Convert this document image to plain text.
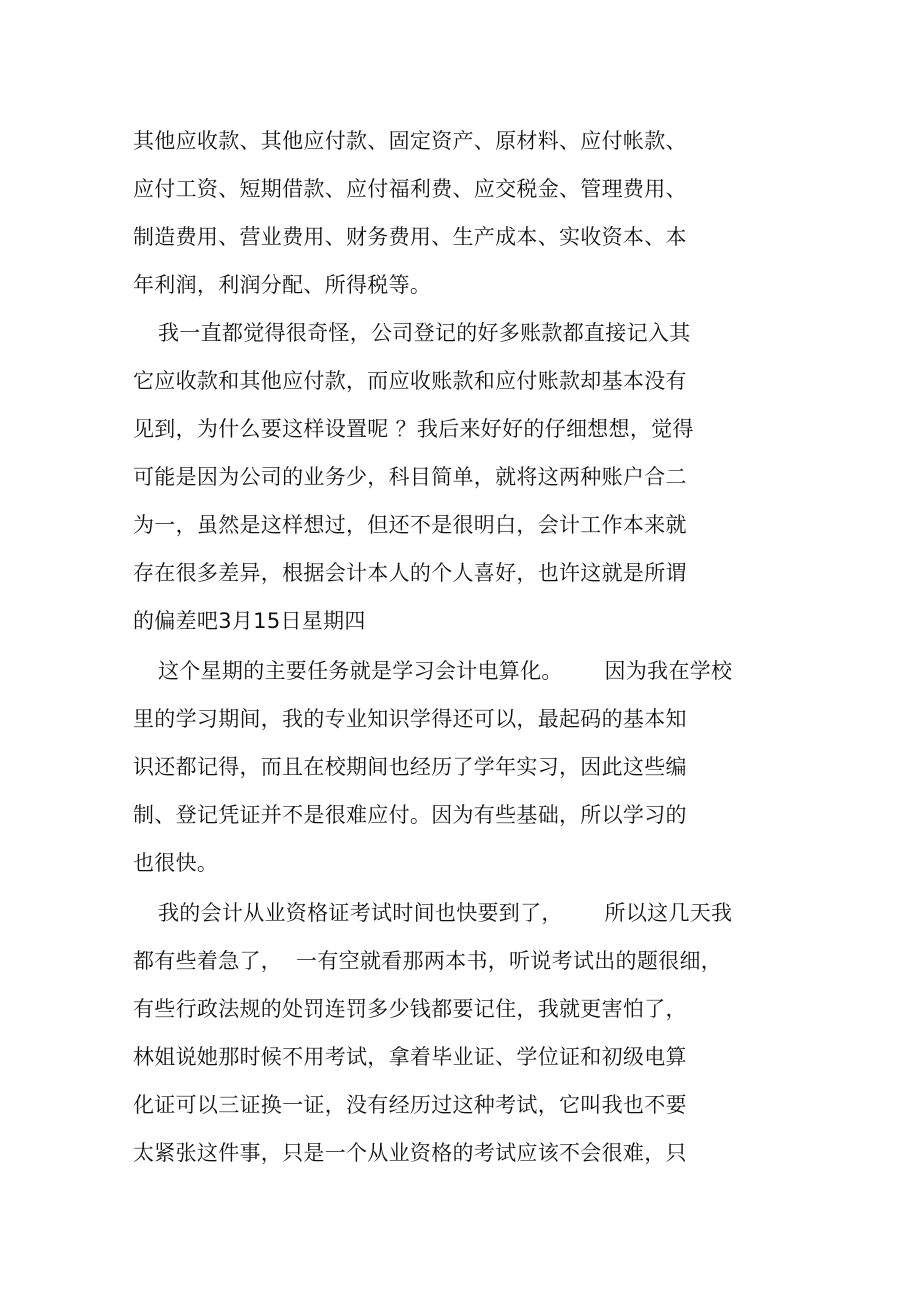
其他应收款、其他应付款、固定资产、原材料、应付帐款、
应付工资、短期借款、应付福利费、应交税金、管理费用、
制造费用、营业费用、财务费用、生产成本、实收资本、本
年利润，利润分配、所得税等。
我一直都觉得很奇怪，公司登记的好多账款都直接记入其
它应收款和其他应付款，而应收账款和应付账款却基本没有
见到，为什么要这样设置呢 ？我后来好好的仔细想想，觉得
可能是因为公司的业务少，科目简单，就将这两种账户合二
为一，虽然是这样想过，但还不是很明白，会计工作本来就
存在很多差异，根据会计本人的个人喜好，也许这就是所谓
的偏差吧3月15日星期四
这个星期的主要任务就是学习会计电算化。      因为我在学校
里的学习期间，我的专业知识学得还可以，最起码的基本知
识还都记得，而且在校期间也经历了学年实习，因此这些编
制、登记凭证并不是很难应付。因为有些基础，所以学习的
也很快。
我的会计从业资格证考试时间也快要到了，      所以这几天我
都有些着急了，  一有空就看那两本书，听说考试出的题很细，
有些行政法规的处罚连罚多少钱都要记住，我就更害怕了，
林姐说她那时候不用考试，拿着毕业证、学位证和初级电算
化证可以三证换一证，没有经历过这种考试，它叫我也不要
太紧张这件事，只是一个从业资格的考试应该不会很难，只
